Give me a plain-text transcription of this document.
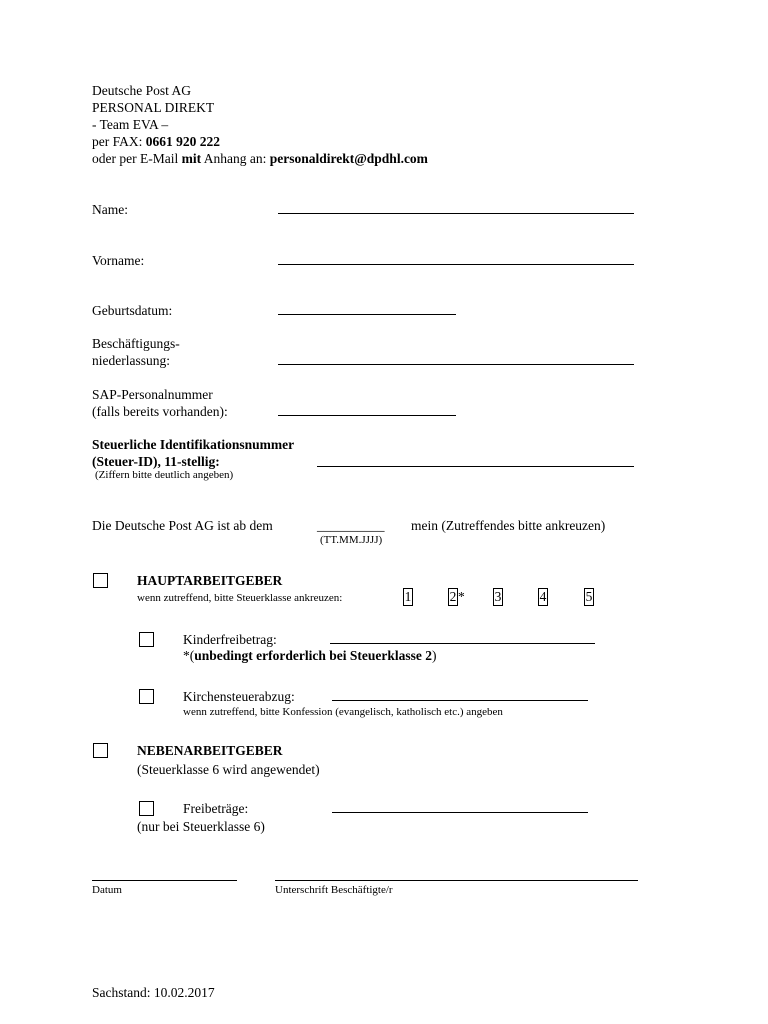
Deutsche Post AG
PERSONAL DIREKT
- Team EVA –
per FAX: 0661 920 222
oder per E-Mail mit Anhang an: personaldirekt@dpdhl.com
Name:
Vorname:
Geburtsdatum:
Beschäftigungs-
niederlassung:
SAP-Personalnummer
(falls bereits vorhanden):
Steuerliche Identifikationsnummer
(Steuer-ID), 11-stellig:
(Ziffern bitte deutlich angeben)
Die Deutsche Post AG ist ab dem	__________ mein (Zutreffendes bitte ankreuzen)
(TT.MM.JJJJ)
HAUPTARBEITGEBER
wenn zutreffend, bitte Steuerklasse ankreuzen:	1	2 * 3	4	5
Kinderfreibetrag:
*(unbedingt erforderlich bei Steuerklasse 2)
Kirchensteuerabzug:
wenn zutreffend, bitte Konfession (evangelisch, katholisch etc.) angeben
NEBENARBEITGEBER
(Steuerklasse 6 wird angewendet)
Freibeträge:
(nur bei Steuerklasse 6)
Datum	Unterschrift Beschäftigte/r
Sachstand: 10.02.2017
